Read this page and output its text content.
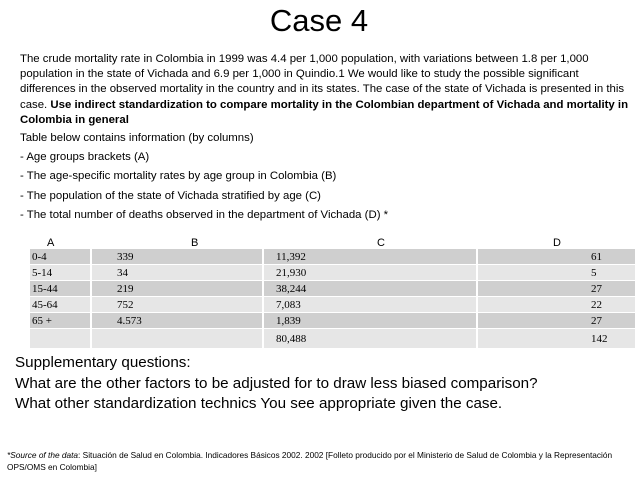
Case 4

The crude mortality rate in Colombia in 1999 was 4.4 per 1,000 population, with variations between 1.8 per 1,000 population in the state of Vichada and 6.9 per 1,000 in Quindio.1 We would like to study the possible significant differences in the observed mortality in the country and in its states. The case of the state of Vichada is presented in this case. Use indirect standardization to compare mortality in the Colombian department of Vichada and mortality in Colombia in general

Table below contains information (by columns)

- Age groups brackets (A)

- The age-specific mortality rates by age group in Colombia (B)

- The population of the state of Vichada stratified by age (C)

- The total number of deaths observed in the department of Vichada (D) *

A	B	C	D
0-4	339	11,392	61
5-14	34	21,930	5
15-44	219	38,244	27
45-64	752	7,083	22
65 +	4.573	1,839	27
		80,488	142

Supplementary questions:

What are the other factors to be adjusted for to draw less biased comparison?

What other standardization technics You see appropriate given the case.

*Source of the data: Situación de Salud en Colombia. Indicadores Básicos 2002. 2002 [Folleto producido por el Ministerio de Salud de Colombia y la Representación OPS/OMS en Colombia]
